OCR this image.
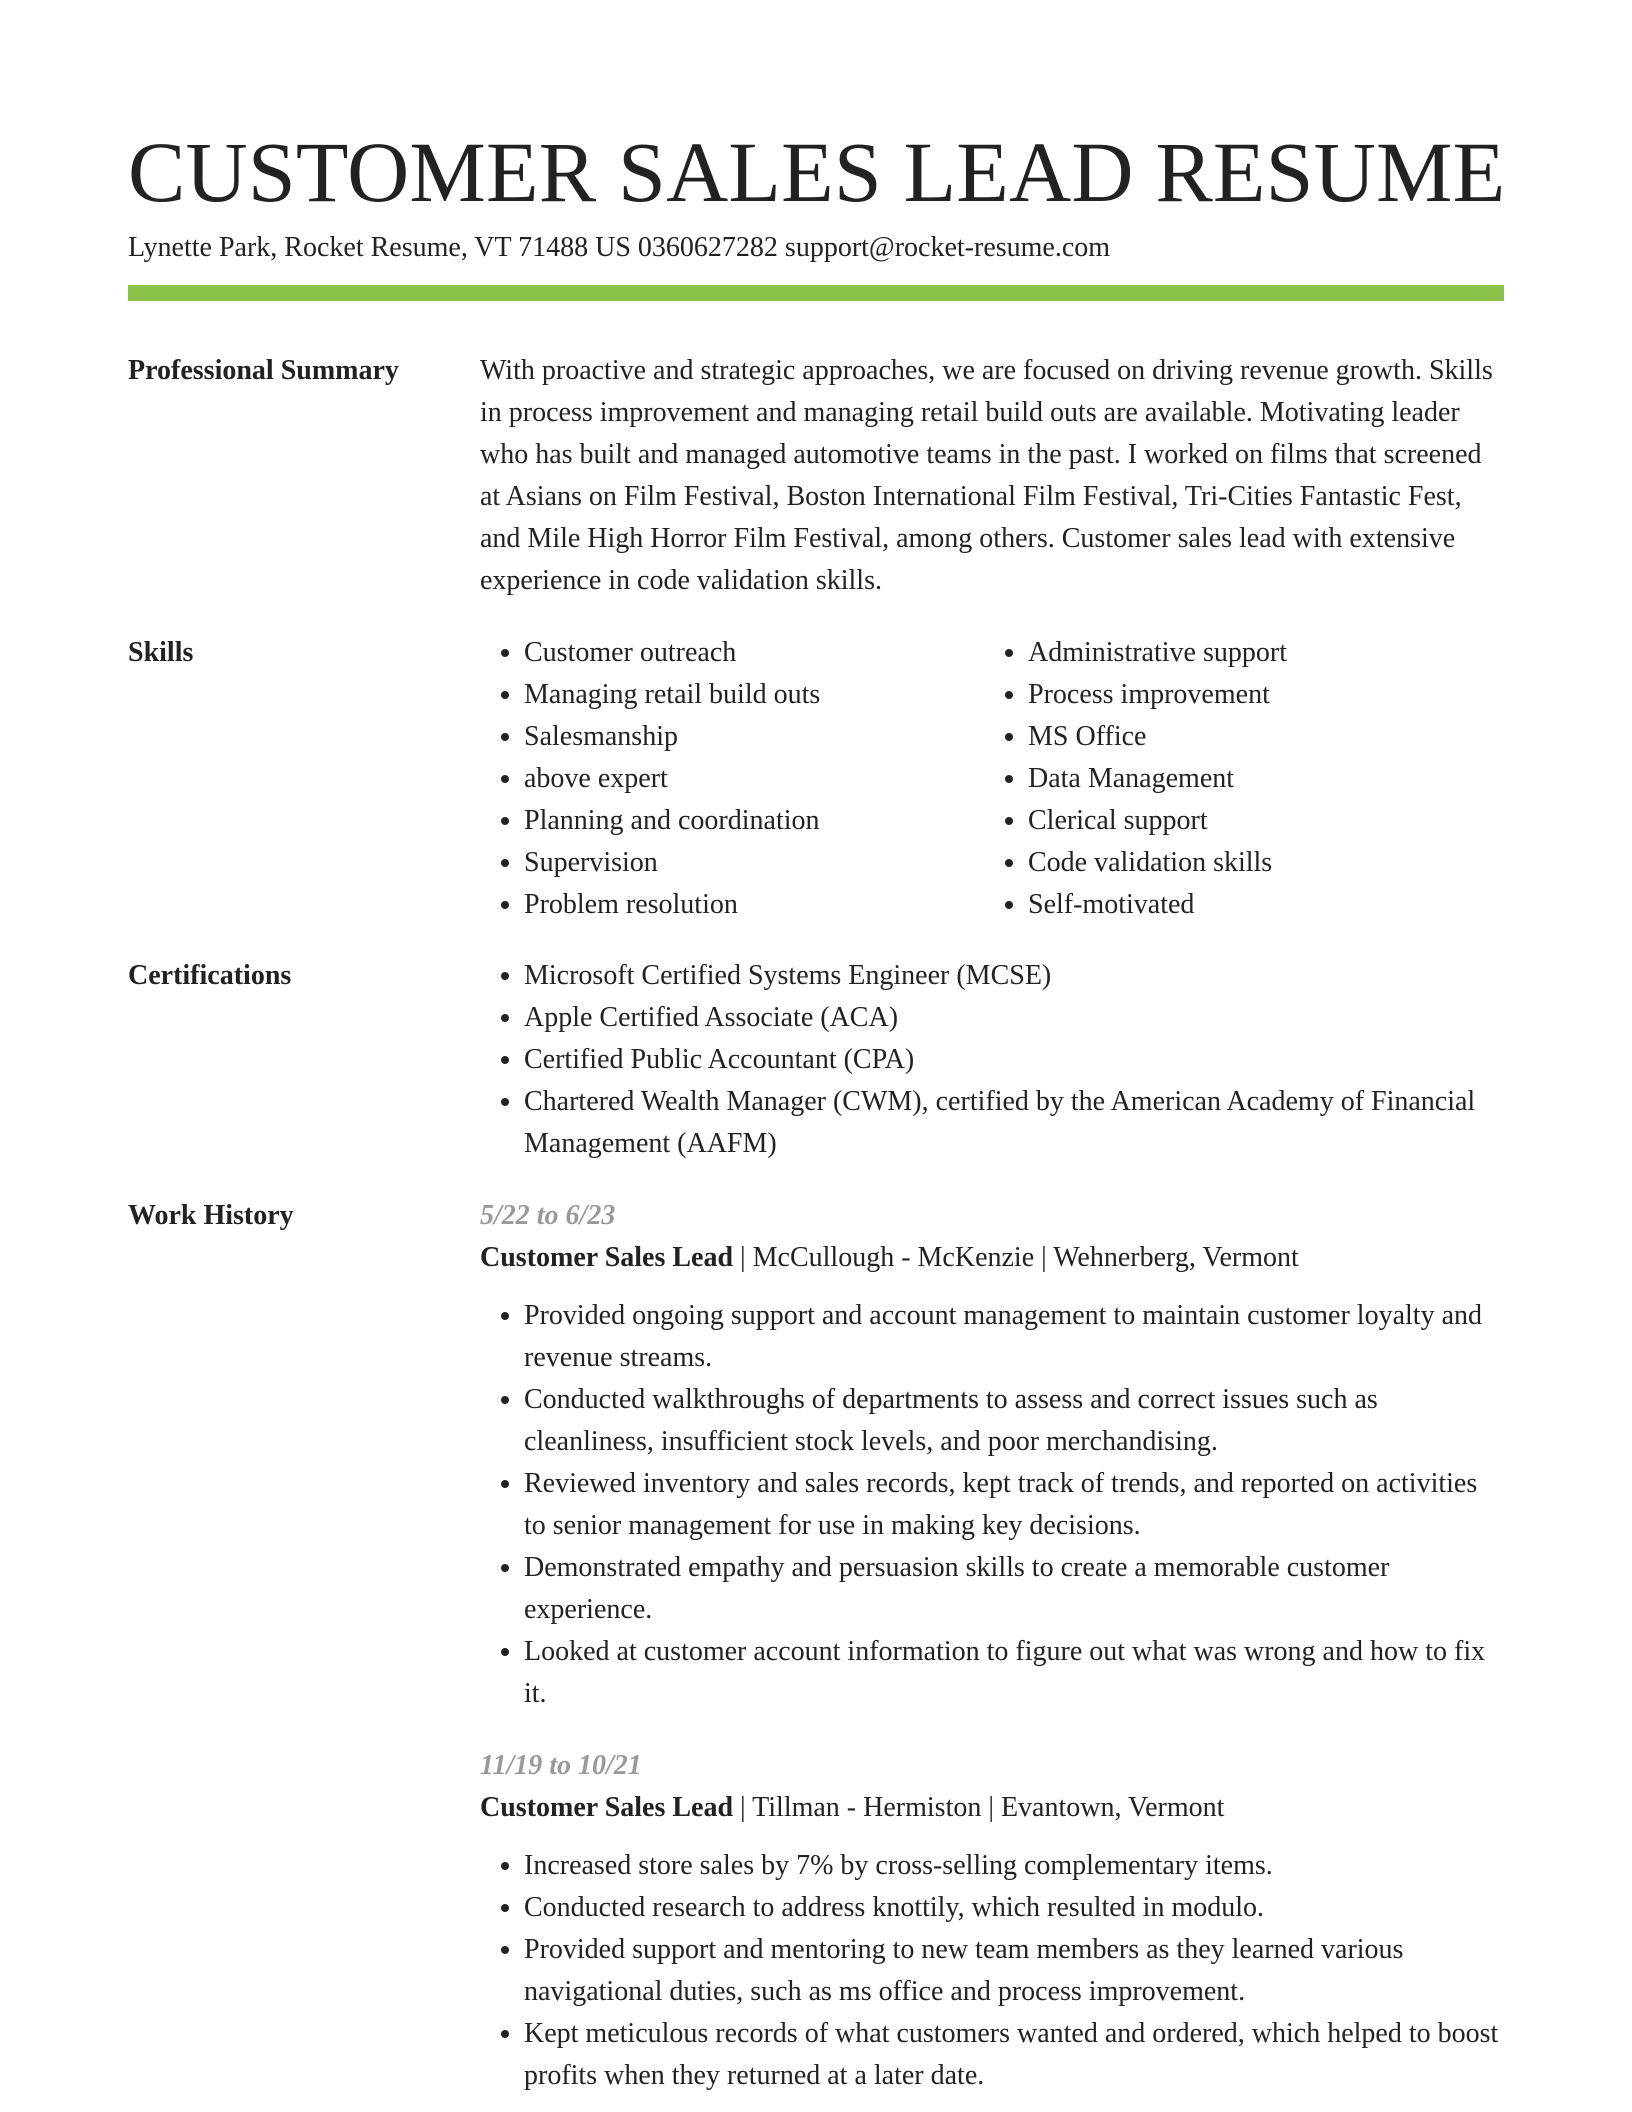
CUSTOMER SALES LEAD RESUME
Lynette Park, Rocket Resume, VT 71488 US 0360627282 support@rocket-resume.com
Professional Summary	With proactive and strategic approaches, we are focused on driving revenue growth. Skills in process improvement and managing retail build outs are available. Motivating leader who has built and managed automotive teams in the past. I worked on films that screened at Asians on Film Festival, Boston International Film Festival, Tri-Cities Fantastic Fest, and Mile High Horror Film Festival, among others. Customer sales lead with extensive experience in code validation skills.

Skills	• Customer outreach
• Managing retail build outs
• Salesmanship
• above expert
• Planning and coordination
• Supervision
• Problem resolution
• Administrative support
• Process improvement
• MS Office
• Data Management
• Clerical support
• Code validation skills
• Self-motivated
Certifications	• Microsoft Certified Systems Engineer (MCSE)
• Apple Certified Associate (ACA)
• Certified Public Accountant (CPA)
• Chartered Wealth Manager (CWM), certified by the American Academy of Financial Management (AAFM)
Work History	5/22 to 6/23
Customer Sales Lead | McCullough - McKenzie | Wehnerberg, Vermont
• Provided ongoing support and account management to maintain customer loyalty and revenue streams.
• Conducted walkthroughs of departments to assess and correct issues such as cleanliness, insufficient stock levels, and poor merchandising.
• Reviewed inventory and sales records, kept track of trends, and reported on activities to senior management for use in making key decisions.
• Demonstrated empathy and persuasion skills to create a memorable customer experience.
• Looked at customer account information to figure out what was wrong and how to fix it.
11/19 to 10/21
Customer Sales Lead | Tillman - Hermiston | Evantown, Vermont
• Increased store sales by 7% by cross-selling complementary items.
• Conducted research to address knottily, which resulted in modulo.
• Provided support and mentoring to new team members as they learned various navigational duties, such as ms office and process improvement.
• Kept meticulous records of what customers wanted and ordered, which helped to boost profits when they returned at a later date.
